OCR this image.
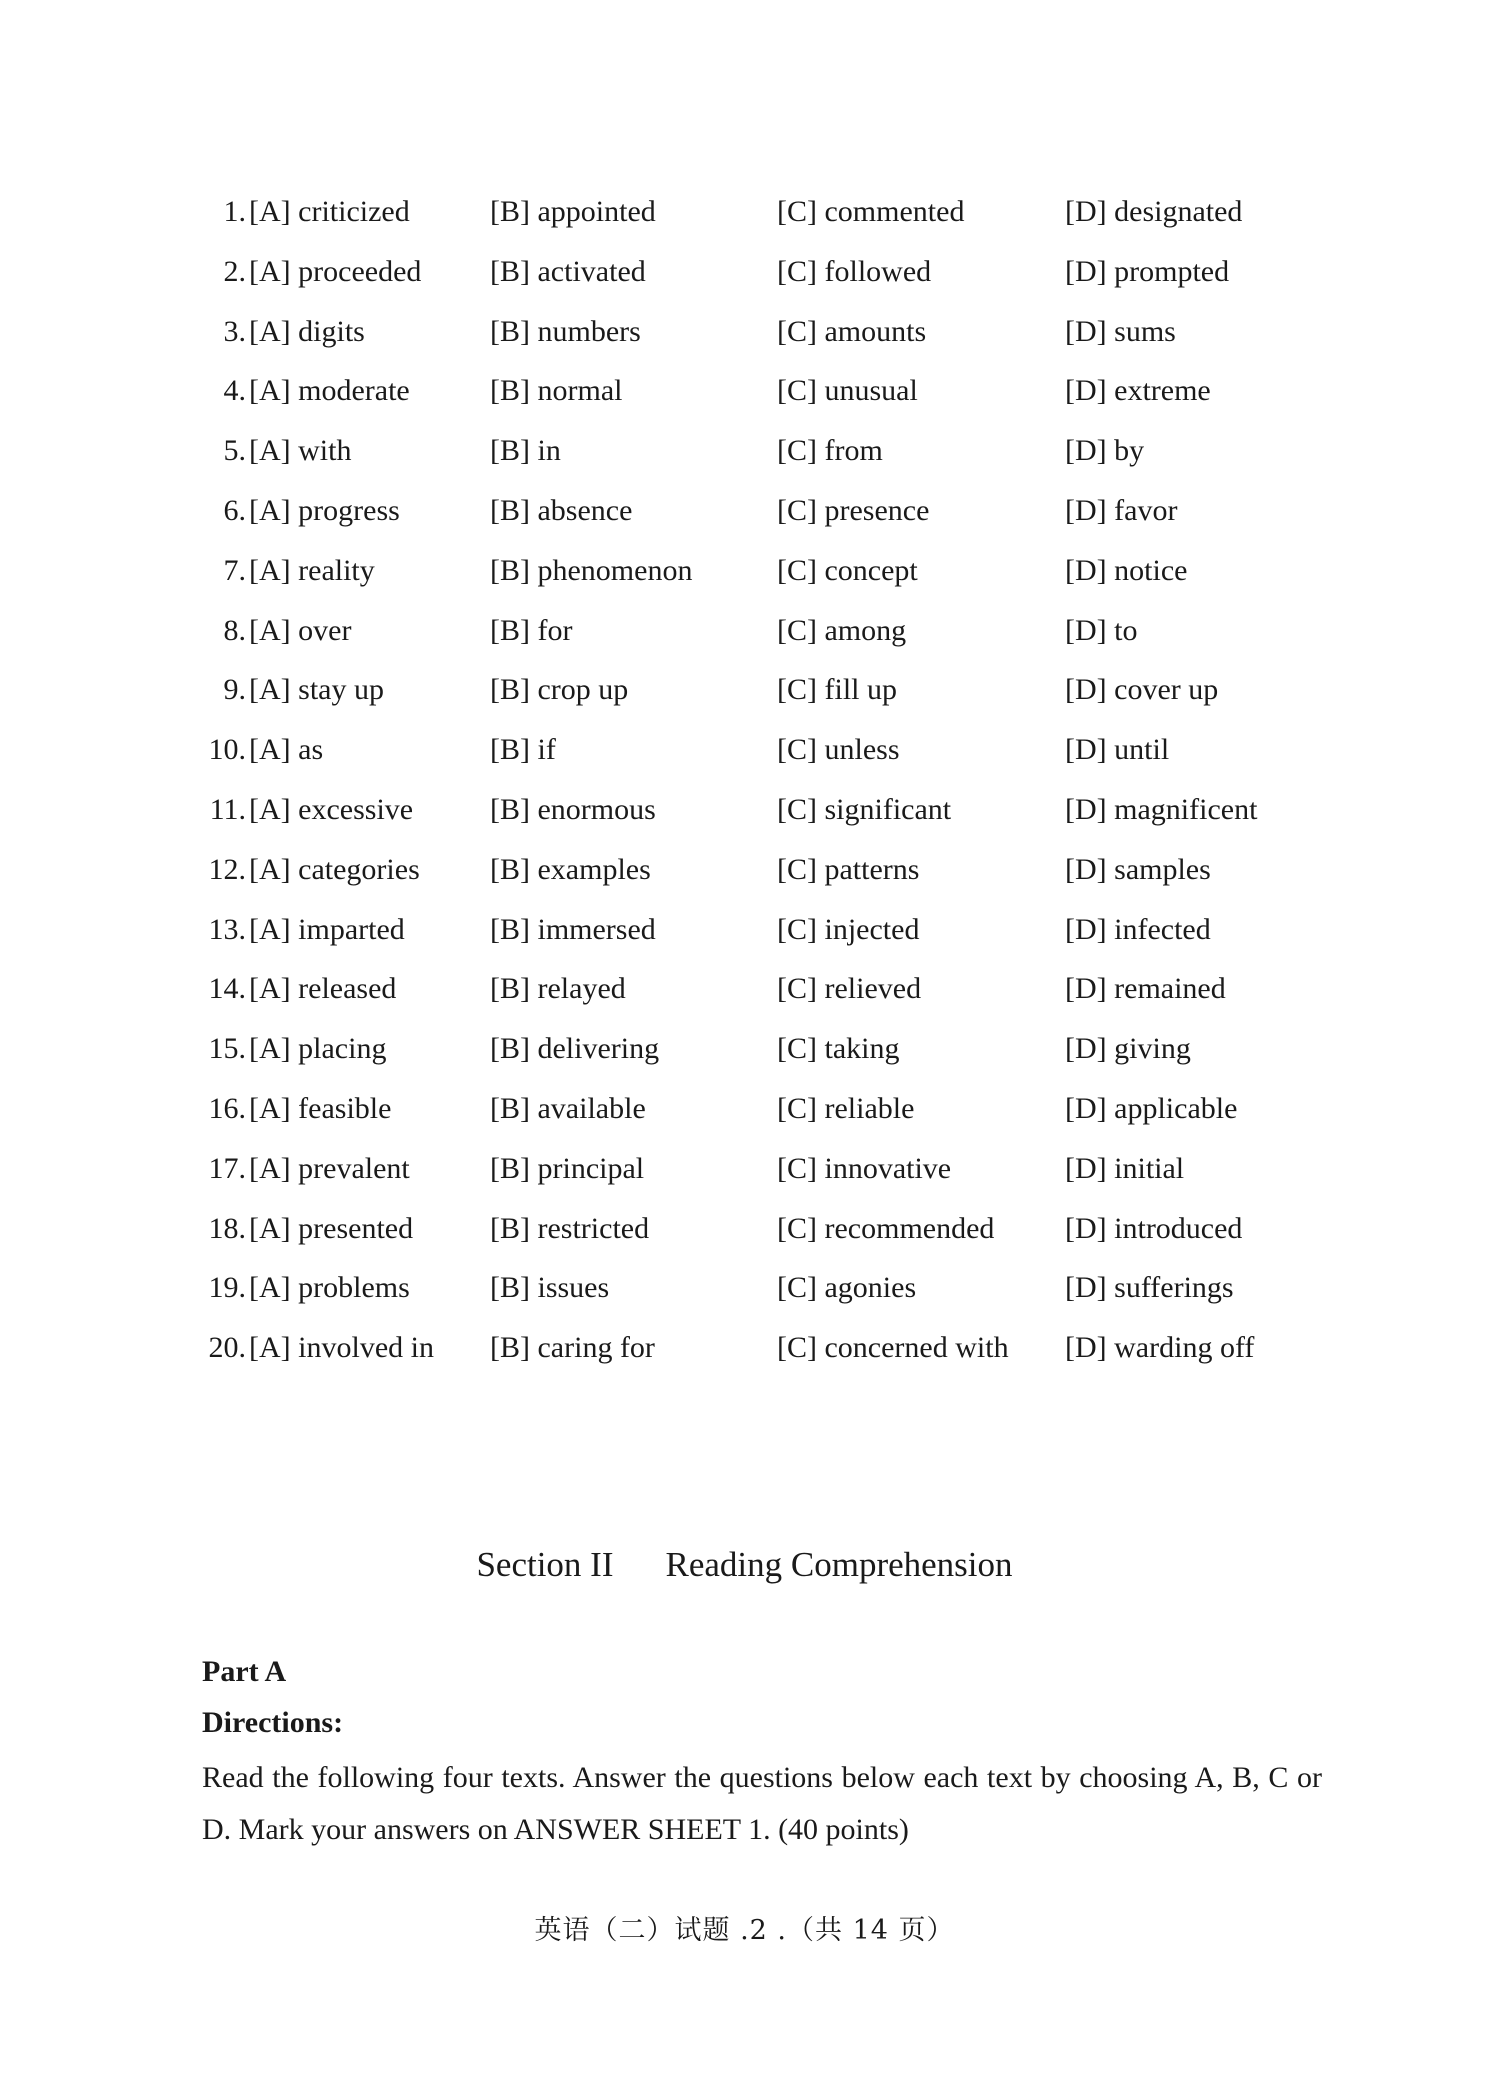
1. [A] criticized	[B] appointed	[C] commented	[D] designated
2. [A] proceeded [B] activated	[C] followed	[D] prompted
3. [A] digits	[B] numbers	[C] amounts	[D] sums
4. [A] moderate	[B] normal	[C] unusual	[D] extreme
5. [A] with	[B] in	[C] from	[D] by
6. [A] progress	[B] absence	[C] presence	[D] favor
7. [A] reality	[B] phenomenon	[C] concept	[D] notice
8. [A] over	[B] for	[C] among	[D] to
9. [A] stay up	[B] crop up	[C] fill up	[D] cover up
10. [A] as	[B] if	[C] unless	[D] until
11. [A] excessive	[B] enormous	[C] significant	[D] magnificent
12. [A] categories [B] examples	[C] patterns	[D] samples
13. [A] imparted	[B] immersed	[C] injected	[D] infected
14. [A] released	[B] relayed	[C] relieved	[D] remained
15. [A] placing	[B] delivering	[C] taking	[D] giving
16. [A] feasible	[B] available	[C] reliable	[D] applicable
17. [A] prevalent	[B] principal	[C] innovative	[D] initial
18. [A] presented	[B] restricted	[C] recommended [D] introduced
19. [A] problems	[B] issues	[C] agonies	[D] sufferings
20. [A] involved in [B] caring for	[C] concerned with [D] warding off
Section II Reading Comprehension
Part A
Directions:
Read the following four texts. Answer the questions below each text by choosing A, B, C or D. Mark your answers on ANSWER SHEET 1. (40 points)
英语（二）试题 .2 .（共 14 页）
